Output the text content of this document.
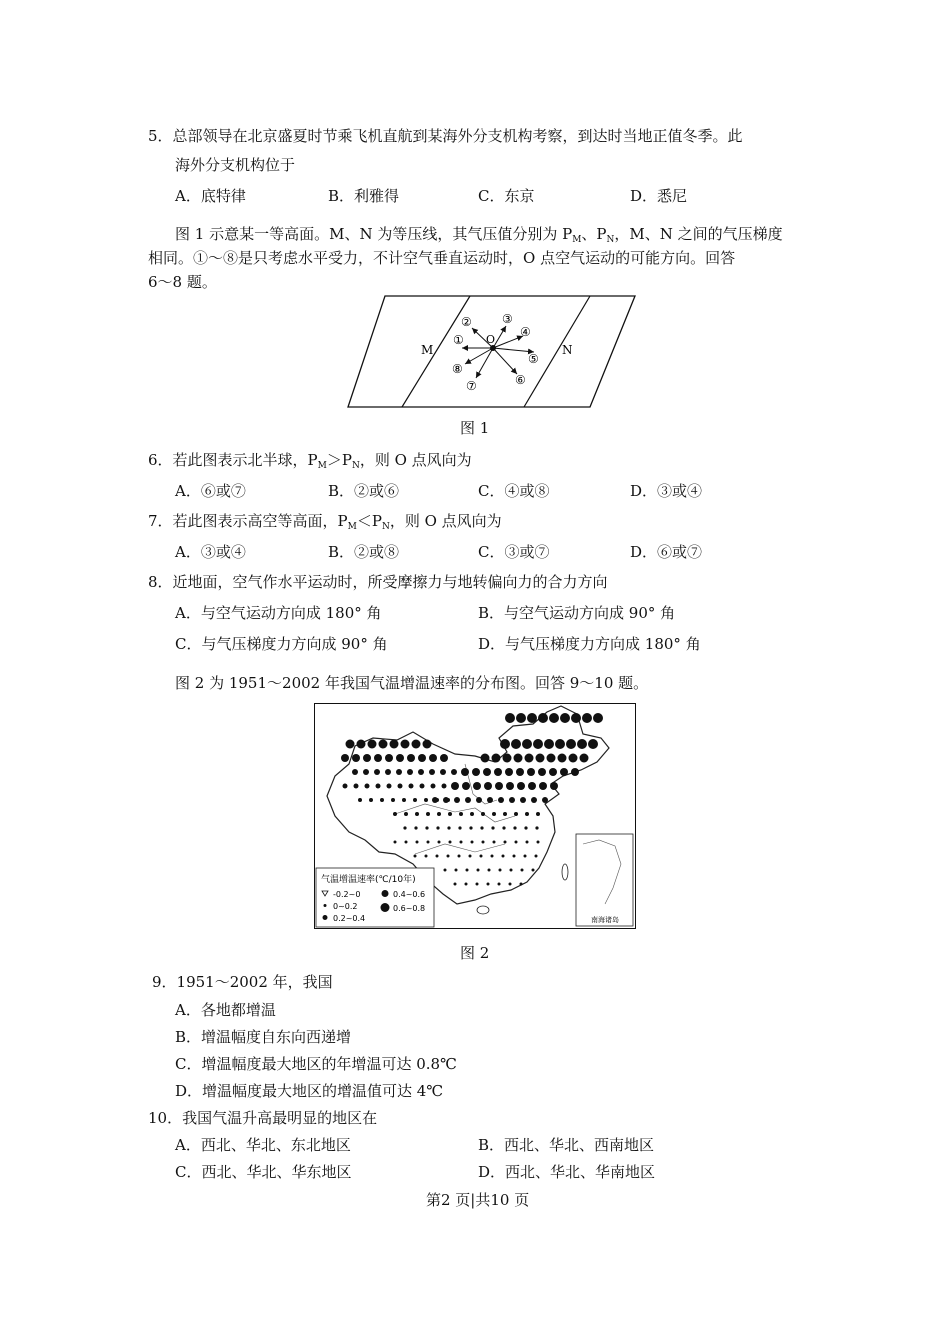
5．总部领导在北京盛夏时节乘飞机直航到某海外分支机构考察，到达时当地正值冬季。此
海外分支机构位于
A．底特律	B．利雅得	C．东京	D．悉尼
图 1 示意某一等高面。M、N 为等压线，其气压值分别为 $P_M$、$P_N$，M、N 之间的气压梯度
相同。①～⑧是只考虑水平受力，不计空气垂直运动时，O 点空气运动的可能方向。回答
6～8 题。
M	N
O
①
②	③
④
⑤
⑥
⑦
⑧
图 1
6．若此图表示北半球，$P_M>P_N$，则 O 点风向为
A．⑥或⑦	B．②或⑥	C．④或⑧	D．③或④
7．若此图表示高空等高面，$P_M<P_N$，则 O 点风向为
A．③或④	B．②或⑧	C．③或⑦	D．⑥或⑦
8．近地面，空气作水平运动时，所受摩擦力与地转偏向力的合力方向
A．与空气运动方向成 180° 角	B．与空气运动方向成 90° 角
C．与气压梯度力方向成 90° 角	D．与气压梯度力方向成 180° 角
图 2 为 1951～2002 年我国气温增温速率的分布图。回答 9～10 题。
南海诸岛
气温增温速率(℃/10年)
-0.2~0
0~0.2
0.2~0.4
0.4~0.6
0.6~0.8
图 2
9．1951～2002 年，我国
A．各地都增温
B．增温幅度自东向西递增
C．增温幅度最大地区的年增温可达 0.8℃
D．增温幅度最大地区的增温值可达 4℃
10．我国气温升高最明显的地区在
A．西北、华北、东北地区	B．西北、华北、西南地区
C．西北、华北、华东地区	D．西北、华北、华南地区
第2 页|共10 页
